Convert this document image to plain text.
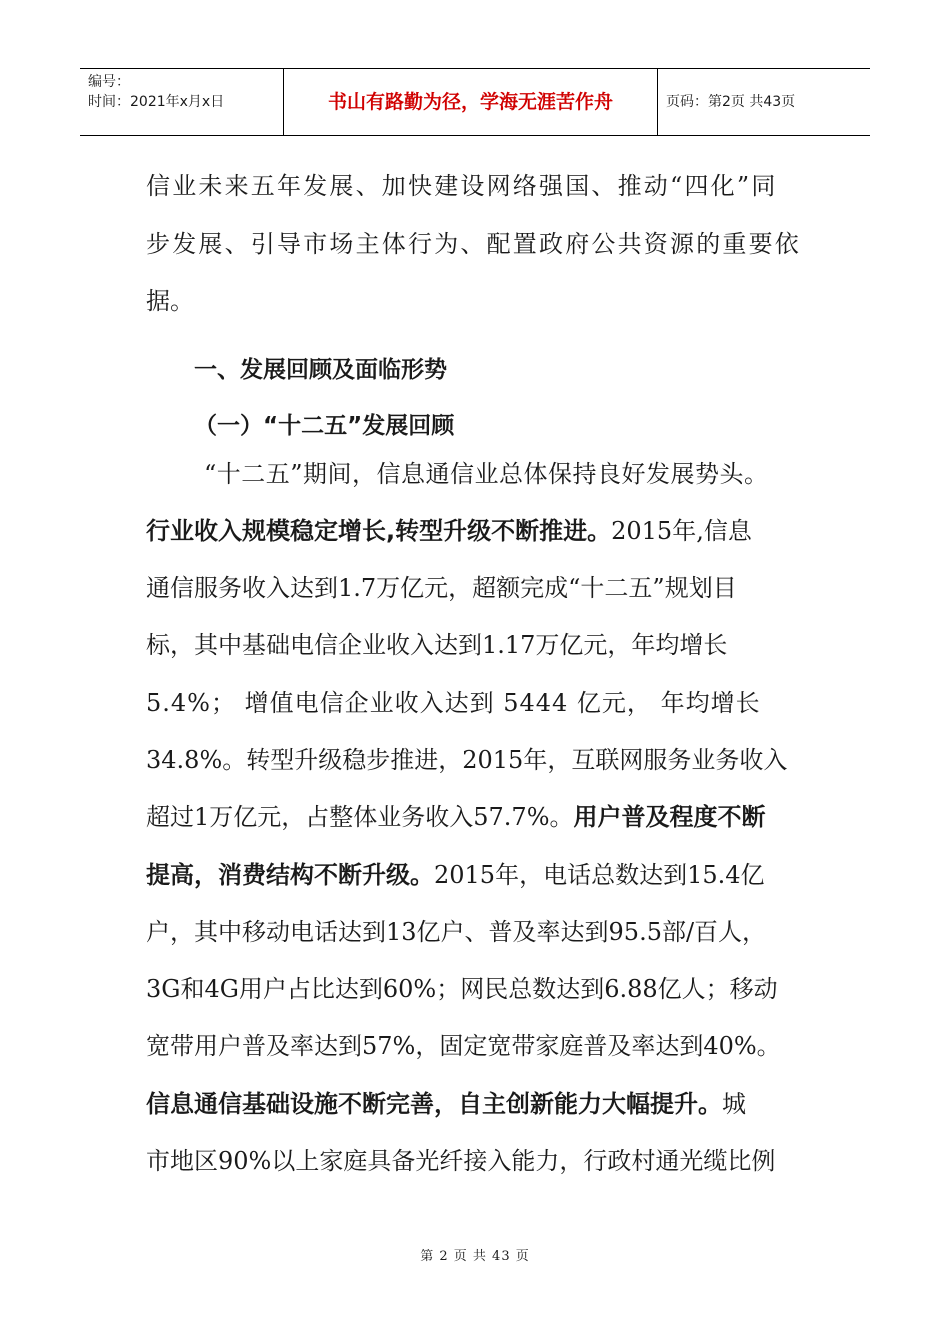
编号：
时间：2021年x月x日	书山有路勤为径，学海无涯苦作舟	页码：第2页 共43页
信业未来五年发展、加快建设网络强国、推动“四化”同
步发展、引导市场主体行为、配置政府公共资源的重要依
据。
一、发展回顾及面临形势
（一）“十二五”发展回顾
“十二五”期间，信息通信业总体保持良好发展势头。
行业收入规模稳定增长,转型升级不断推进。2015年,信息
通信服务收入达到1.7万亿元，超额完成“十二五”规划目
标，其中基础电信企业收入达到1.17万亿元，年均增长
5.4%； 增值电信企业收入达到 5444 亿元， 年均增长
34.8%。转型升级稳步推进，2015年，互联网服务业务收入
超过1万亿元，占整体业务收入57.7%。用户普及程度不断
提高，消费结构不断升级。2015年，电话总数达到15.4亿
户，其中移动电话达到13亿户、普及率达到95.5部/百人，
3G和4G用户占比达到60%；网民总数达到6.88亿人；移动
宽带用户普及率达到57%，固定宽带家庭普及率达到40%。
信息通信基础设施不断完善，自主创新能力大幅提升。城
市地区90%以上家庭具备光纤接入能力，行政村通光缆比例
第 2 页 共 43 页
